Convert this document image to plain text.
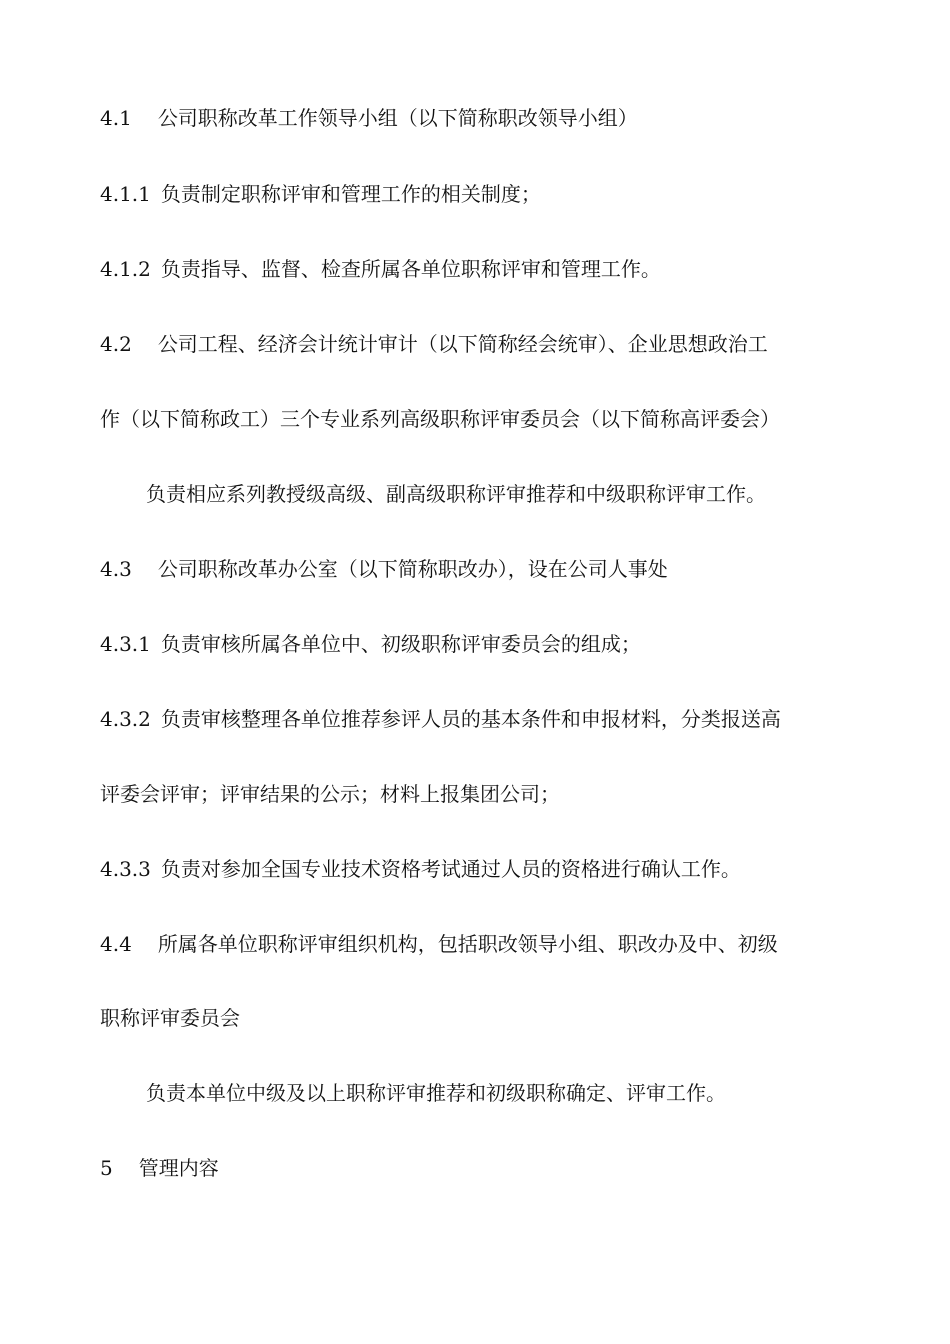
4.1 公司职称改革工作领导小组（以下简称职改领导小组）
4.1.1 负责制定职称评审和管理工作的相关制度；
4.1.2 负责指导、监督、检查所属各单位职称评审和管理工作。
4.2 公司工程、经济会计统计审计（以下简称经会统审）、企业思想政治工
作（以下简称政工）三个专业系列高级职称评审委员会（以下简称高评委会）
负责相应系列教授级高级、副高级职称评审推荐和中级职称评审工作。
4.3 公司职称改革办公室（以下简称职改办），设在公司人事处
4.3.1 负责审核所属各单位中、初级职称评审委员会的组成；
4.3.2 负责审核整理各单位推荐参评人员的基本条件和申报材料，分类报送高
评委会评审；评审结果的公示；材料上报集团公司；
4.3.3 负责对参加全国专业技术资格考试通过人员的资格进行确认工作。
4.4 所属各单位职称评审组织机构，包括职改领导小组、职改办及中、初级
职称评审委员会
负责本单位中级及以上职称评审推荐和初级职称确定、评审工作。
5 管理内容
